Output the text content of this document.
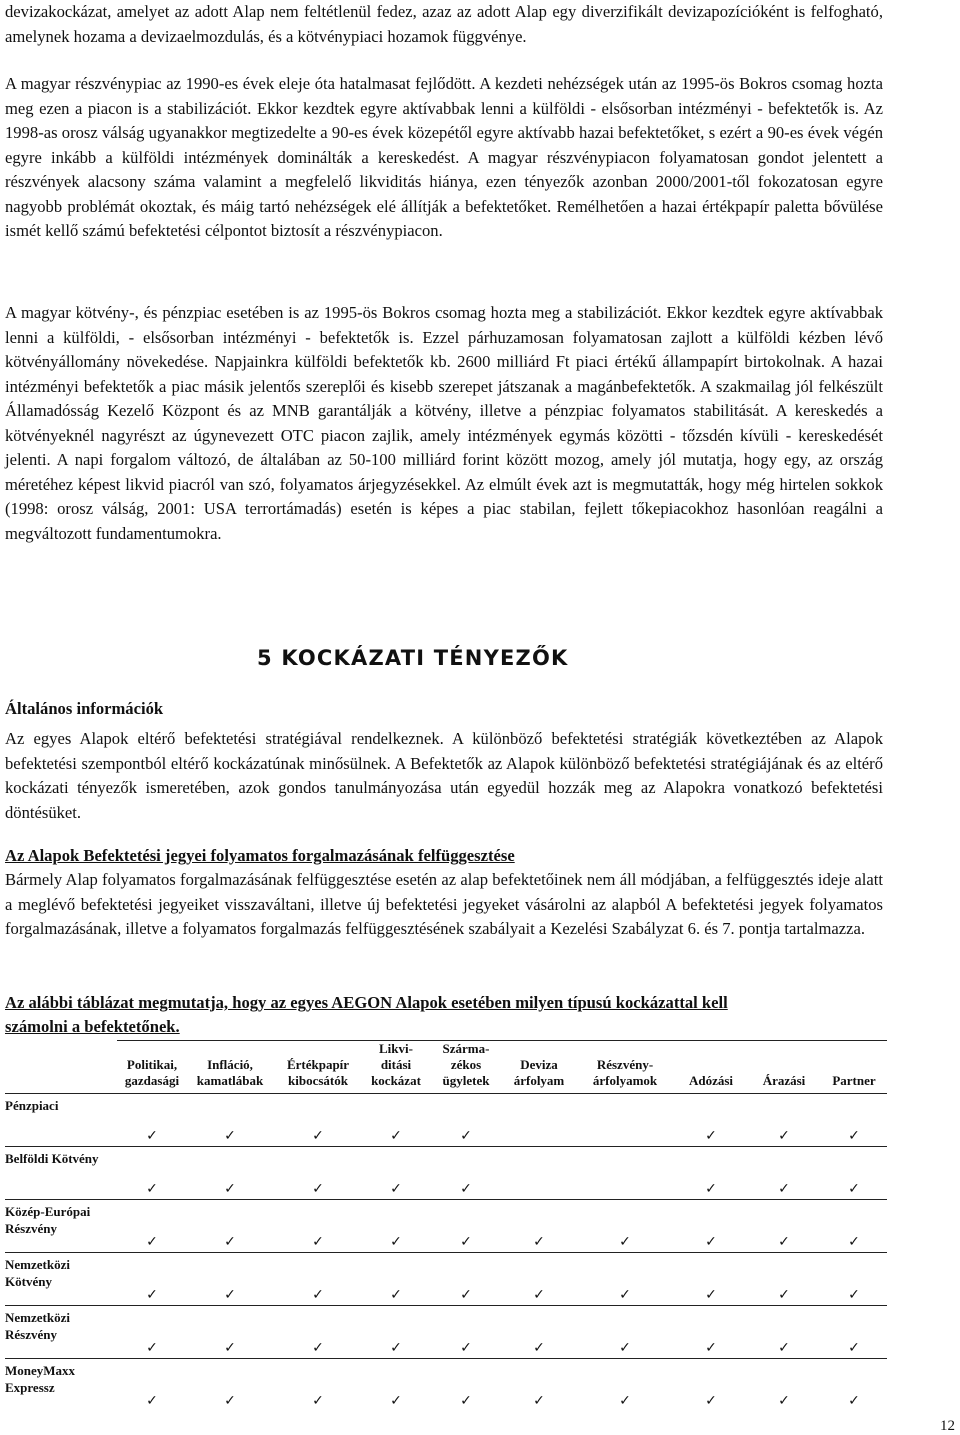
devizakockázat, amelyet az adott Alap nem feltétlenül fedez, azaz az adott Alap egy diverzifikált devizapozícióként is felfogható, amelynek hozama a devizaelmozdulás, és a kötvénypiaci hozamok függvénye.

A magyar részvénypiac az 1990-es évek eleje óta hatalmasat fejlődött. A kezdeti nehézségek után az 1995-ös Bokros csomag hozta meg ezen a piacon is a stabilizációt. Ekkor kezdtek egyre aktívabbak lenni a külföldi - elsősorban intézményi - befektetők is. Az 1998-as orosz válság ugyanakkor megtizedelte a 90-es évek közepétől egyre aktívabb hazai befektetőket, s ezért a 90-es évek végén egyre inkább a külföldi intézmények dominálták a kereskedést. A magyar részvénypiacon folyamatosan gondot jelentett a részvények alacsony száma valamint a megfelelő likviditás hiánya, ezen tényezők azonban 2000/2001-től fokozatosan egyre nagyobb problémát okoztak, és máig tartó nehézségek elé állítják a befektetőket. Remélhetően a hazai értékpapír paletta bővülése ismét kellő számú befektetési célpontot biztosít a részvénypiacon.

A magyar kötvény-, és pénzpiac esetében is az 1995-ös Bokros csomag hozta meg a stabilizációt. Ekkor kezdtek egyre aktívabbak lenni a külföldi, - elsősorban intézményi - befektetők is. Ezzel párhuzamosan folyamatosan zajlott a külföldi kézben lévő kötvényállomány növekedése. Napjainkra külföldi befektetők kb. 2600 milliárd Ft piaci értékű állampapírt birtokolnak. A hazai intézményi befektetők a piac másik jelentős szereplői és kisebb szerepet játszanak a magánbefektetők. A szakmailag jól felkészült Államadósság Kezelő Központ és az MNB garantálják a kötvény, illetve a pénzpiac folyamatos stabilitását. A kereskedés a kötvényeknél nagyrészt az úgynevezett OTC piacon zajlik, amely intézmények egymás közötti - tőzsdén kívüli - kereskedését jelenti. A napi forgalom változó, de általában az 50-100 milliárd forint között mozog, amely jól mutatja, hogy egy, az ország méretéhez képest likvid piacról van szó, folyamatos árjegyzésekkel. Az elmúlt évek azt is megmutatták, hogy még hirtelen sokkok (1998: orosz válság, 2001: USA terrortámadás) esetén is képes a piac stabilan, fejlett tőkepiacokhoz hasonlóan reagálni a megváltozott fundamentumokra.

5 KOCKÁZATI TÉNYEZŐK

Általános információk

Az egyes Alapok eltérő befektetési stratégiával rendelkeznek. A különböző befektetési stratégiák következtében az Alapok befektetési szempontból eltérő kockázatúnak minősülnek. A Befektetők az Alapok különböző befektetési stratégiájának és az eltérő kockázati tényezők ismeretében, azok gondos tanulmányozása után egyedül hozzák meg az Alapokra vonatkozó befektetési döntésüket.

Az Alapok Befektetési jegyei folyamatos forgalmazásának felfüggesztése

Bármely Alap folyamatos forgalmazásának felfüggesztése esetén az alap befektetőinek nem áll módjában, a felfüggesztés ideje alatt a meglévő befektetési jegyeiket visszaváltani, illetve új befektetési jegyeket vásárolni az alapból A befektetési jegyek folyamatos forgalmazásának, illetve a folyamatos forgalmazás felfüggesztésének szabályait a Kezelési Szabályzat 6. és 7. pontja tartalmazza.

Az alábbi táblázat megmutatja, hogy az egyes AEGON Alapok esetében milyen típusú kockázattal kell számolni a befektetőnek.

	Politikai, gazdasági	Infláció, kamatlábak	Értékpapír kibocsátók	Likvi-ditási kockázat	Szárma-zékos ügyletek	Deviza árfolyam	Részvény-árfolyamok	Adózási	Árazási	Partner
Pénzpiaci	✓	✓	✓	✓	✓			✓	✓	✓
Belföldi Kötvény	✓	✓	✓	✓	✓			✓	✓	✓
Közép-Európai Részvény	✓	✓	✓	✓	✓	✓	✓	✓	✓	✓
Nemzetközi Kötvény	✓	✓	✓	✓	✓	✓	✓	✓	✓	✓
Nemzetközi Részvény	✓	✓	✓	✓	✓	✓	✓	✓	✓	✓
MoneyMaxx Expressz	✓	✓	✓	✓	✓	✓	✓	✓	✓	✓
12
